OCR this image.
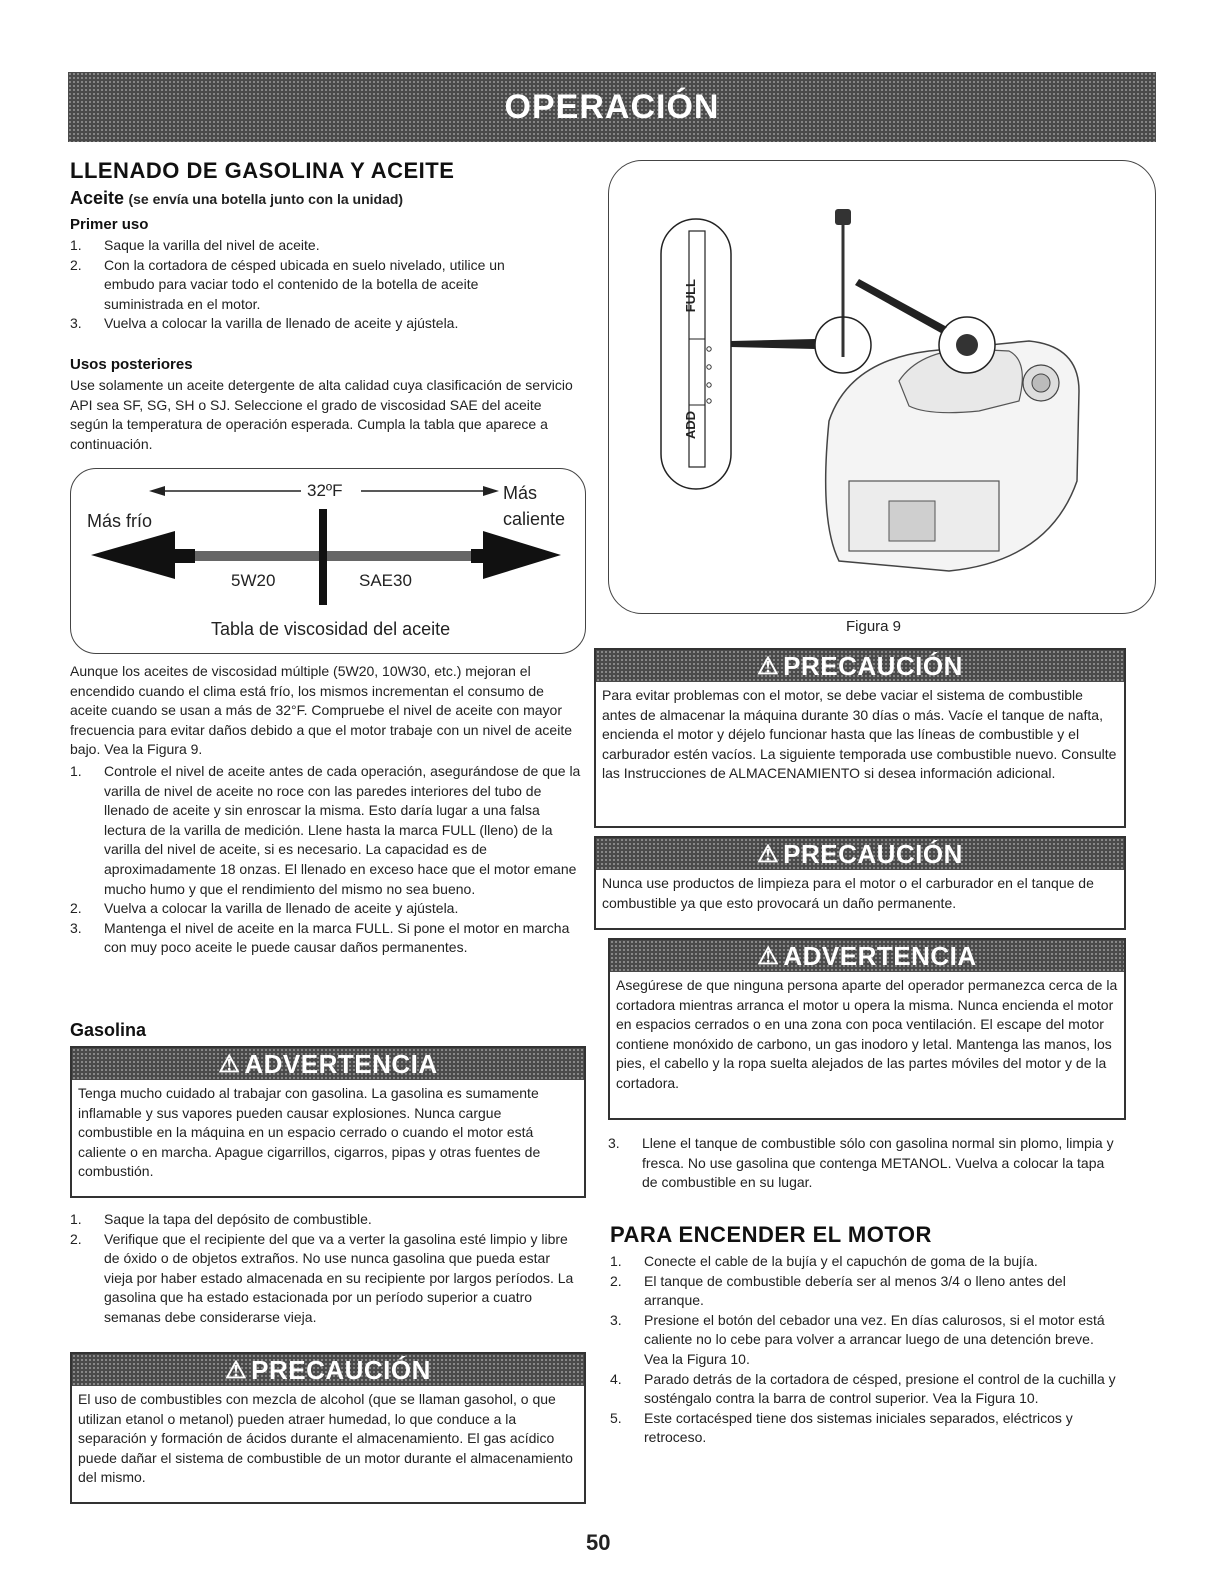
OPERACIÓN
LLENADO DE GASOLINA Y ACEITE
Aceite (se envía una botella junto con la unidad)
Primer uso
1. Saque la varilla del nivel de aceite.
2. Con la cortadora de césped ubicada en suelo nivelado, utilice un embudo para vaciar todo el contenido de la botella de aceite suministrada en el motor.
3. Vuelva a colocar la varilla de llenado de aceite y ajústela.
Usos posteriores

Use solamente un aceite detergente de alta calidad cuya clasificación de servicio API sea SF, SG, SH o SJ. Seleccione el grado de viscosidad SAE del aceite según la temperatura de operación esperada. Cumpla la tabla que aparece a continuación.

32ºF
Más frío
Más
caliente
5W20	SAE30
Tabla de viscosidad del aceite

Aunque los aceites de viscosidad múltiple (5W20, 10W30, etc.) mejoran el encendido cuando el clima está frío, los mismos incrementan el consumo de aceite cuando se usan a más de 32°F. Compruebe el nivel de aceite con mayor frecuencia para evitar daños debido a que el motor trabaje con un nivel de aceite bajo. Vea la Figura 9.

1. Controle el nivel de aceite antes de cada operación, asegurándose de que la varilla de nivel de aceite no roce con las paredes interiores del tubo de llenado de aceite y sin enroscar la misma. Esto daría lugar a una falsa lectura de la varilla de medición. Llene hasta la marca FULL (lleno) de la varilla del nivel de aceite, si es necesario. La capacidad es de aproximadamente 18 onzas. El llenado en exceso hace que el motor emane mucho humo y que el rendimiento del mismo no sea bueno.
2. Vuelva a colocar la varilla de llenado de aceite y ajústela.
3. Mantenga el nivel de aceite en la marca FULL. Si pone el motor en marcha con muy poco aceite le puede causar daños permanentes.
Gasolina
⚠ ADVERTENCIA
Tenga mucho cuidado al trabajar con gasolina. La gasolina es sumamente inflamable y sus vapores pueden causar explosiones. Nunca cargue combustible en la máquina en un espacio cerrado o cuando el motor está caliente o en marcha. Apague cigarrillos, cigarros, pipas y otras fuentes de combustión.
1. Saque la tapa del depósito de combustible.
2. Verifique que el recipiente del que va a verter la gasolina esté limpio y libre de óxido o de objetos extraños. No use nunca gasolina que pueda estar vieja por haber estado almacenada en su recipiente por largos períodos. La gasolina que ha estado estacionada por un período superior a cuatro semanas debe considerarse vieja.
⚠ PRECAUCIÓN
El uso de combustibles con mezcla de alcohol (que se llaman gasohol, o que utilizan etanol o metanol) pueden atraer humedad, lo que conduce a la separación y formación de ácidos durante el almacenamiento. El gas acídico puede dañar el sistema de combustible de un motor durante el almacenamiento del mismo.
FULL
ADD
Figura 9
⚠ PRECAUCIÓN
Para evitar problemas con el motor, se debe vaciar el sistema de combustible antes de almacenar la máquina durante 30 días o más. Vacíe el tanque de nafta, encienda el motor y déjelo funcionar hasta que las líneas de combustible y el carburador estén vacíos. La siguiente temporada use combustible nuevo. Consulte las Instrucciones de ALMACENAMIENTO si desea información adicional.
⚠ PRECAUCIÓN
Nunca use productos de limpieza para el motor o el carburador en el tanque de combustible ya que esto provocará un daño permanente.
⚠ ADVERTENCIA
Asegúrese de que ninguna persona aparte del operador permanezca cerca de la cortadora mientras arranca el motor u opera la misma. Nunca encienda el motor en espacios cerrados o en una zona con poca ventilación. El escape del motor contiene monóxido de carbono, un gas inodoro y letal. Mantenga las manos, los pies, el cabello y la ropa suelta alejados de las partes móviles del motor y de la cortadora.
3. Llene el tanque de combustible sólo con gasolina normal sin plomo, limpia y fresca. No use gasolina que contenga METANOL. Vuelva a colocar la tapa de combustible en su lugar.
PARA ENCENDER EL MOTOR
1. Conecte el cable de la bujía y el capuchón de goma de la bujía.
2. El tanque de combustible debería ser al menos 3/4 o lleno antes del arranque.
3. Presione el botón del cebador una vez. En días calurosos, si el motor está caliente no lo cebe para volver a arrancar luego de una detención breve. Vea la Figura 10.
4. Parado detrás de la cortadora de césped, presione el control de la cuchilla y sosténgalo contra la barra de control superior. Vea la Figura 10.
5. Este cortacésped tiene dos sistemas iniciales separados, eléctricos y retroceso.
50
